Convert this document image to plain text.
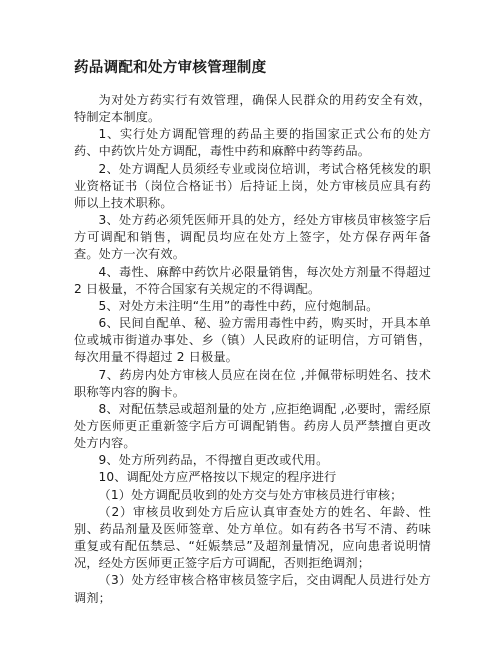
药品调配和处方审核管理制度

为对处方药实行有效管理，确保人民群众的用药安全有效，特制定本制度。

1、实行处方调配管理的药品主要的指国家正式公布的处方药、中药饮片处方调配，毒性中药和麻醉中药等药品。

2、处方调配人员须经专业或岗位培训，考试合格凭核发的职业资格证书（岗位合格证书）后持证上岗，处方审核员应具有药师以上技术职称。

3、处方药必须凭医师开具的处方，经处方审核员审核签字后方可调配和销售，调配员均应在处方上签字，处方保存两年备查。处方一次有效。

4、毒性、麻醉中药饮片必限量销售，每次处方剂量不得超过 2 日极量，不符合国家有关规定的不得调配。

5、对处方未注明“生用”的毒性中药，应付炮制品。

6、民间自配单、秘、验方需用毒性中药，购买时，开具本单位或城市街道办事处、乡（镇）人民政府的证明信，方可销售，每次用量不得超过 2 日极量。

7、药房内处方审核人员应在岗在位 ,并佩带标明姓名、技术职称等内容的胸卡。

8、对配伍禁忌或超剂量的处方 ,应拒绝调配 ,必要时，需经原处方医师更正重新签字后方可调配销售。药房人员严禁擅自更改处方内容。

9、处方所列药品，不得擅自更改或代用。

10、调配处方应严格按以下规定的程序进行

（1）处方调配员收到的处方交与处方审核员进行审核；

（2）审核员收到处方后应认真审查处方的姓名、年龄、性别、药品剂量及医师签章、处方单位。如有药各书写不清、药味重复或有配伍禁忌、“妊娠禁忌”及超剂量情况，应向患者说明情况，经处方医师更正签字后方可调配，否则拒绝调剂；

（3）处方经审核合格审核员签字后，交由调配人员进行处方调剂；
